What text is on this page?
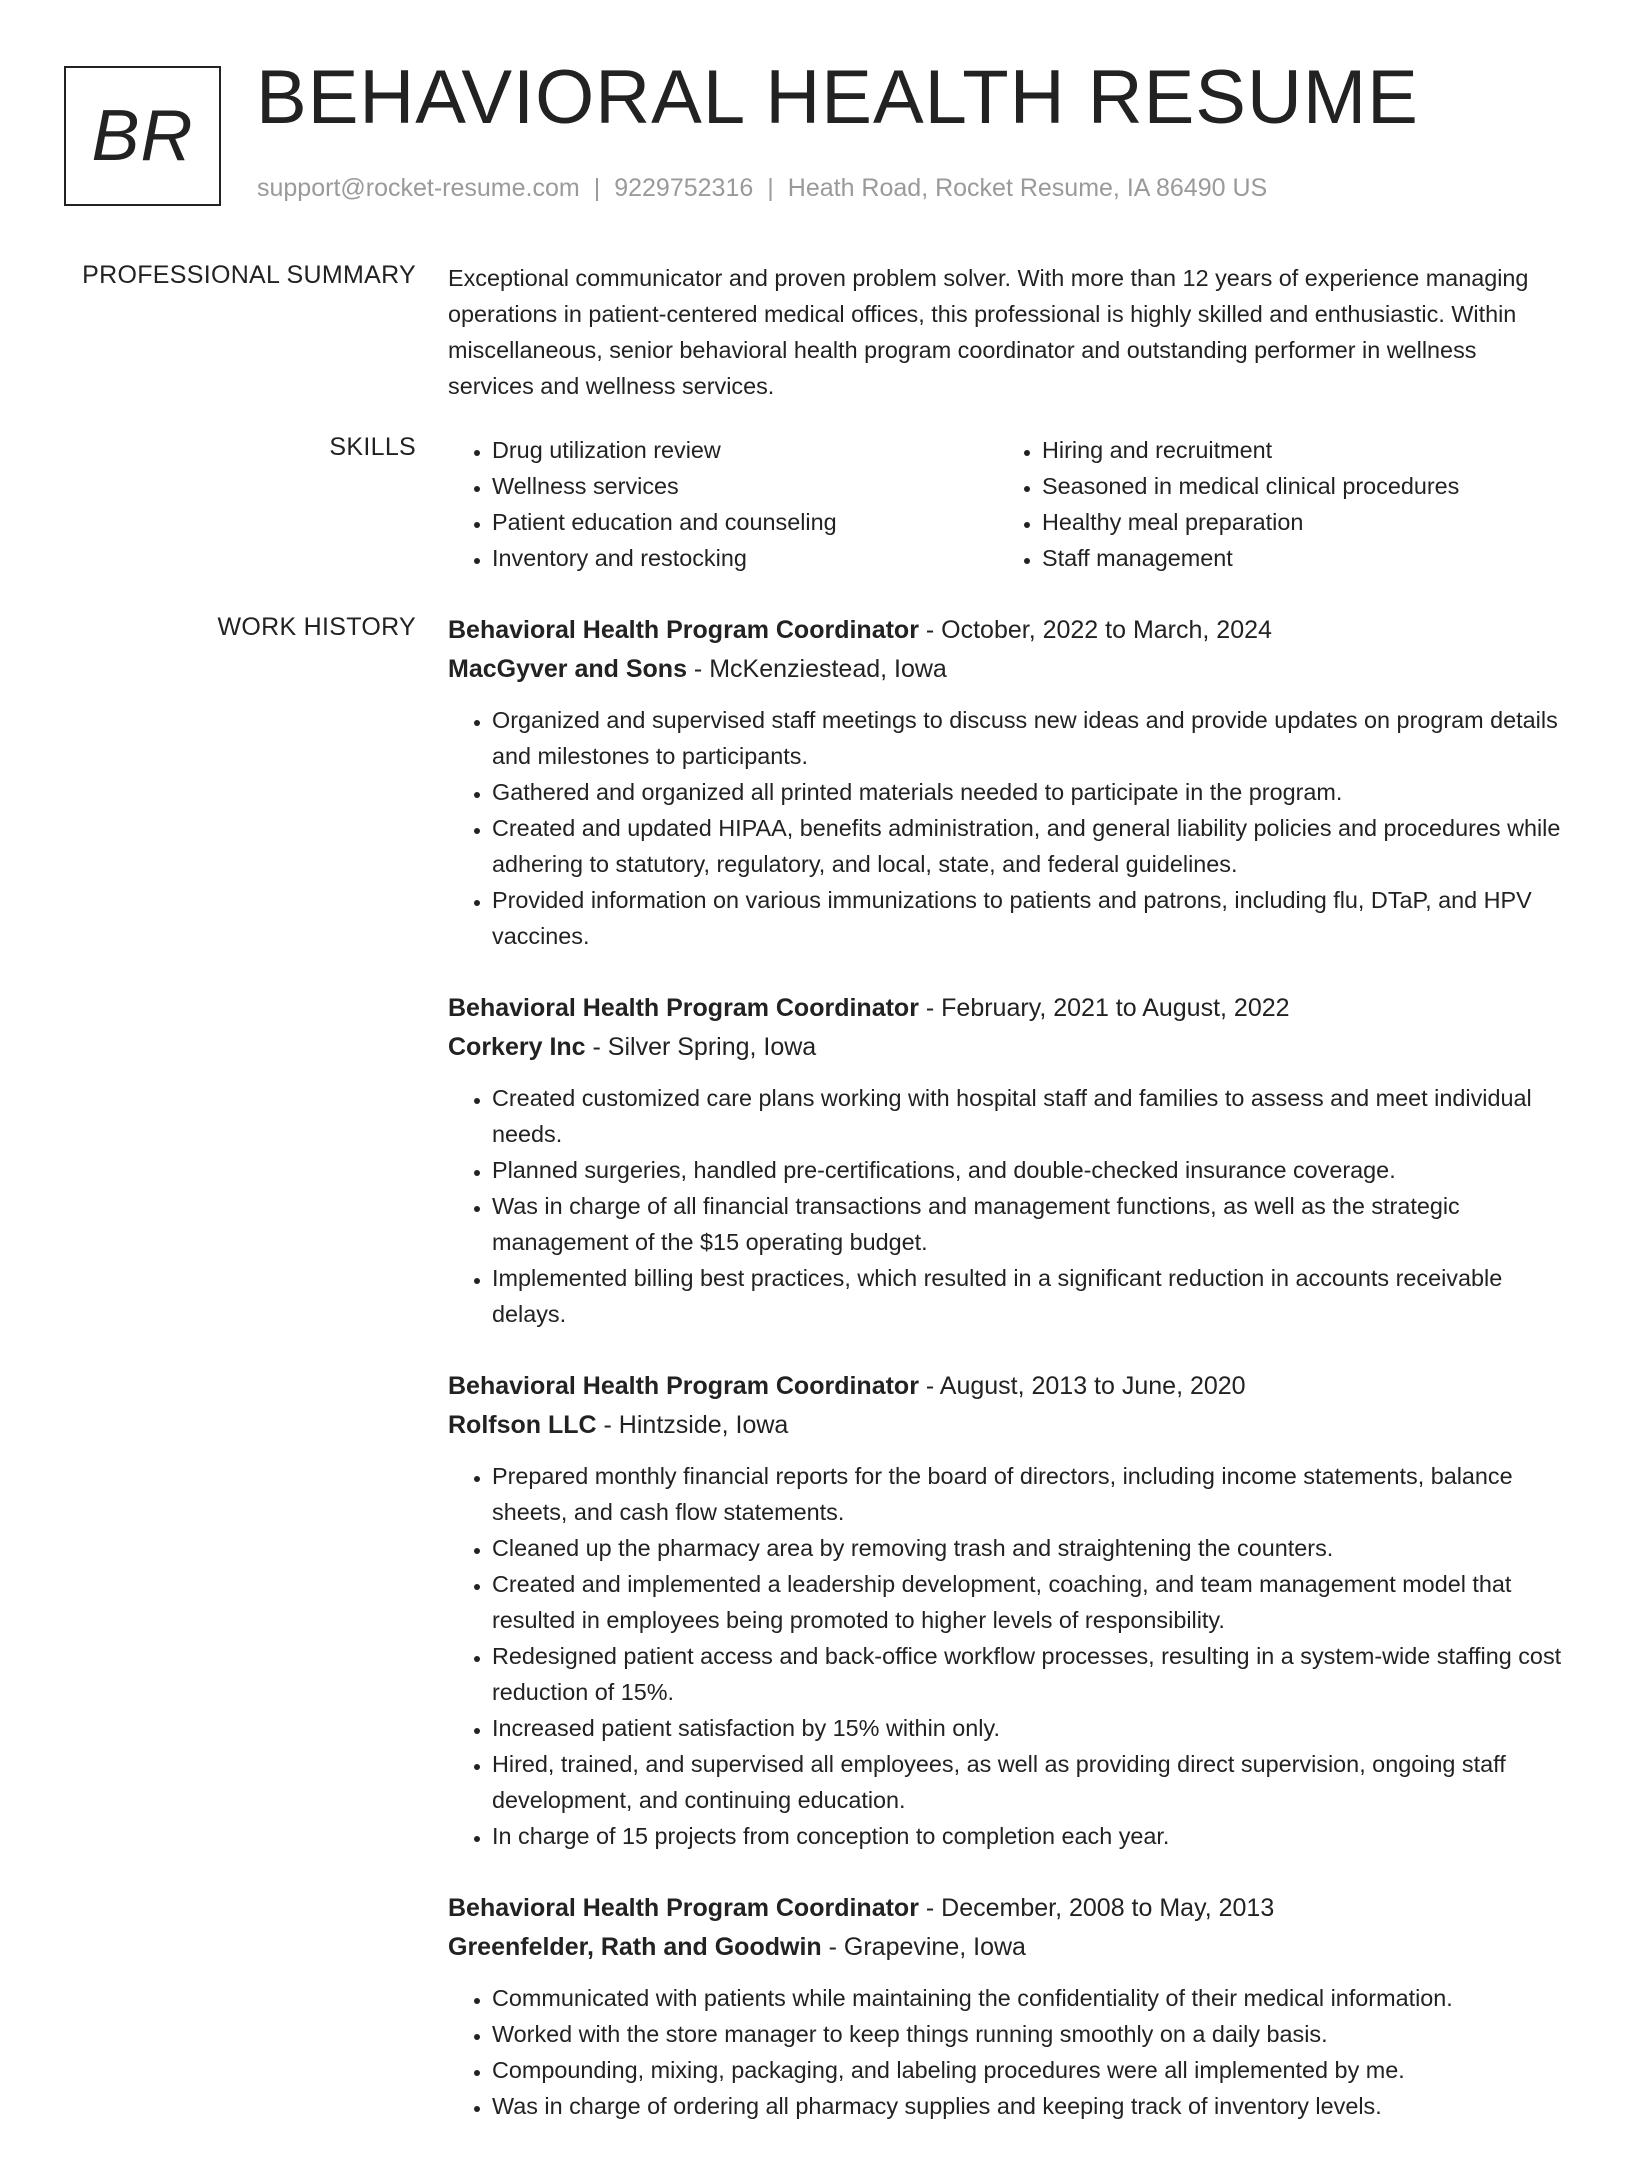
BR BEHAVIORAL HEALTH RESUME
support@rocket-resume.com | 9229752316 | Heath Road, Rocket Resume, IA 86490 US
PROFESSIONAL SUMMARY Exceptional communicator and proven problem solver. With more than 12 years of experience managing operations in patient-centered medical offices, this professional is highly skilled and enthusiastic. Within miscellaneous, senior behavioral health program coordinator and outstanding performer in wellness services and wellness services.

SKILLS
•	Drug utilization review
• Wellness services
• Patient education and counseling
• Inventory and restocking
• Hiring and recruitment
• Seasoned in medical clinical procedures
• Healthy meal preparation
• Staff management
WORK HISTORY Behavioral Health Program Coordinator - October, 2022 to March, 2024
MacGyver and Sons - McKenziestead, Iowa
• Organized and supervised staff meetings to discuss new ideas and provide updates on program details and milestones to participants.
• Gathered and organized all printed materials needed to participate in the program.
• Created and updated HIPAA, benefits administration, and general liability policies and procedures while adhering to statutory, regulatory, and local, state, and federal guidelines.
• Provided information on various immunizations to patients and patrons, including flu, DTaP, and HPV vaccines.
Behavioral Health Program Coordinator - February, 2021 to August, 2022
Corkery Inc - Silver Spring, Iowa
• Created customized care plans working with hospital staff and families to assess and meet individual needs.
• Planned surgeries, handled pre-certifications, and double-checked insurance coverage.
• Was in charge of all financial transactions and management functions, as well as the strategic management of the $15 operating budget.
• Implemented billing best practices, which resulted in a significant reduction in accounts receivable delays.
Behavioral Health Program Coordinator - August, 2013 to June, 2020
Rolfson LLC - Hintzside, Iowa
• Prepared monthly financial reports for the board of directors, including income statements, balance sheets, and cash flow statements.
• Cleaned up the pharmacy area by removing trash and straightening the counters.
• Created and implemented a leadership development, coaching, and team management model that resulted in employees being promoted to higher levels of responsibility.
• Redesigned patient access and back-office workflow processes, resulting in a system-wide staffing cost reduction of 15%.
• Increased patient satisfaction by 15% within only.
• Hired, trained, and supervised all employees, as well as providing direct supervision, ongoing staff development, and continuing education.
• In charge of 15 projects from conception to completion each year.
Behavioral Health Program Coordinator - December, 2008 to May, 2013
Greenfelder, Rath and Goodwin - Grapevine, Iowa
• Communicated with patients while maintaining the confidentiality of their medical information.
• Worked with the store manager to keep things running smoothly on a daily basis.
• Compounding, mixing, packaging, and labeling procedures were all implemented by me.
• Was in charge of ordering all pharmacy supplies and keeping track of inventory levels.
